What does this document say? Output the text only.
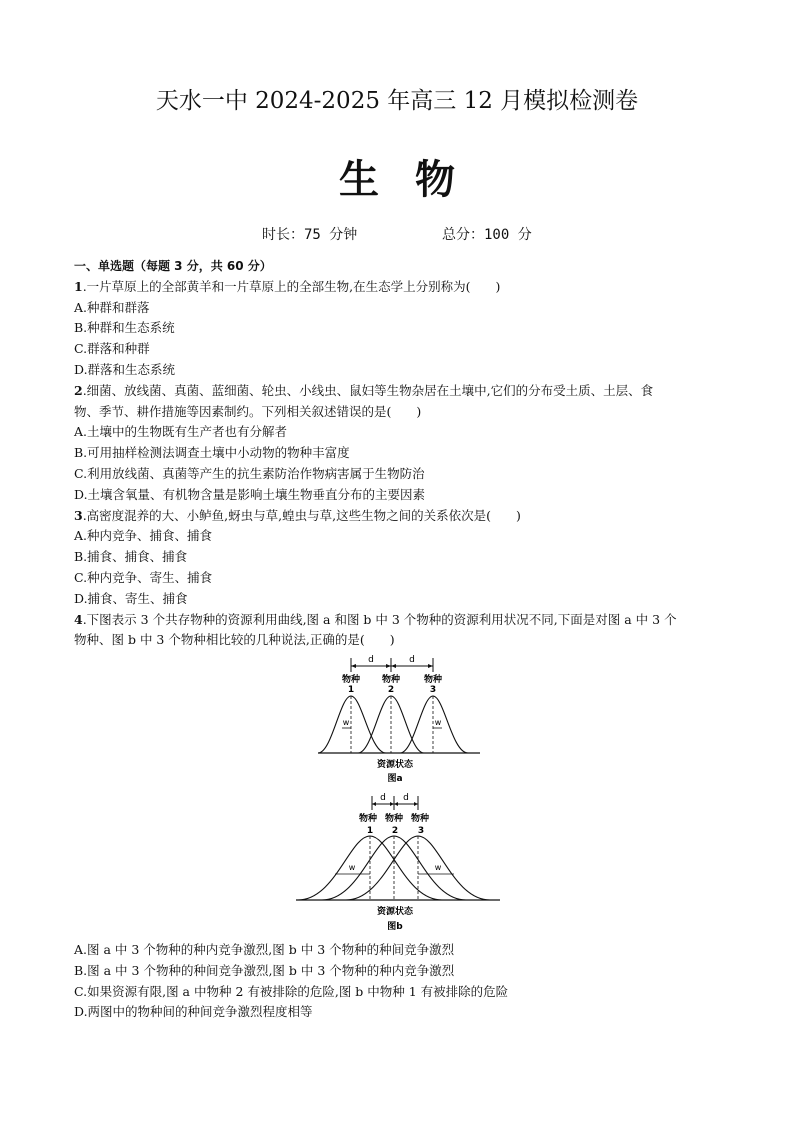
天水一中 2024-2025 年高三 12 月模拟检测卷
生物
时长：75 分钟	总分：100 分
一、单选题（每题 3 分，共 60 分）
1.一片草原上的全部黄羊和一片草原上的全部生物,在生态学上分别称为(　　)
A.种群和群落
B.种群和生态系统
C.群落和种群
D.群落和生态系统
2.细菌、放线菌、真菌、蓝细菌、轮虫、小线虫、鼠妇等生物杂居在土壤中,它们的分布受土质、土层、食
物、季节、耕作措施等因素制约。下列相关叙述错误的是(　　)
A.土壤中的生物既有生产者也有分解者
B.可用抽样检测法调查土壤中小动物的物种丰富度
C.利用放线菌、真菌等产生的抗生素防治作物病害属于生物防治
D.土壤含氧量、有机物含量是影响土壤生物垂直分布的主要因素
3.高密度混养的大、小鲈鱼,蚜虫与草,蝗虫与草,这些生物之间的关系依次是(　　)
A.种内竞争、捕食、捕食
B.捕食、捕食、捕食
C.种内竞争、寄生、捕食
D.捕食、寄生、捕食
4.下图表示 3 个共存物种的资源利用曲线,图 a 和图 b 中 3 个物种的资源利用状况不同,下面是对图 a 中 3 个
物种、图 b 中 3 个物种相比较的几种说法,正确的是(　　)
d	d
物种
1
物种
2
物种
3
w	w
资源状态
图a
d d
物种
1
物种
2
物种
3
w	w
资源状态
图b
A.图 a 中 3 个物种的种内竞争激烈,图 b 中 3 个物种的种间竞争激烈
B.图 a 中 3 个物种的种间竞争激烈,图 b 中 3 个物种的种内竞争激烈
C.如果资源有限,图 a 中物种 2 有被排除的危险,图 b 中物种 1 有被排除的危险
D.两图中的物种间的种间竞争激烈程度相等
